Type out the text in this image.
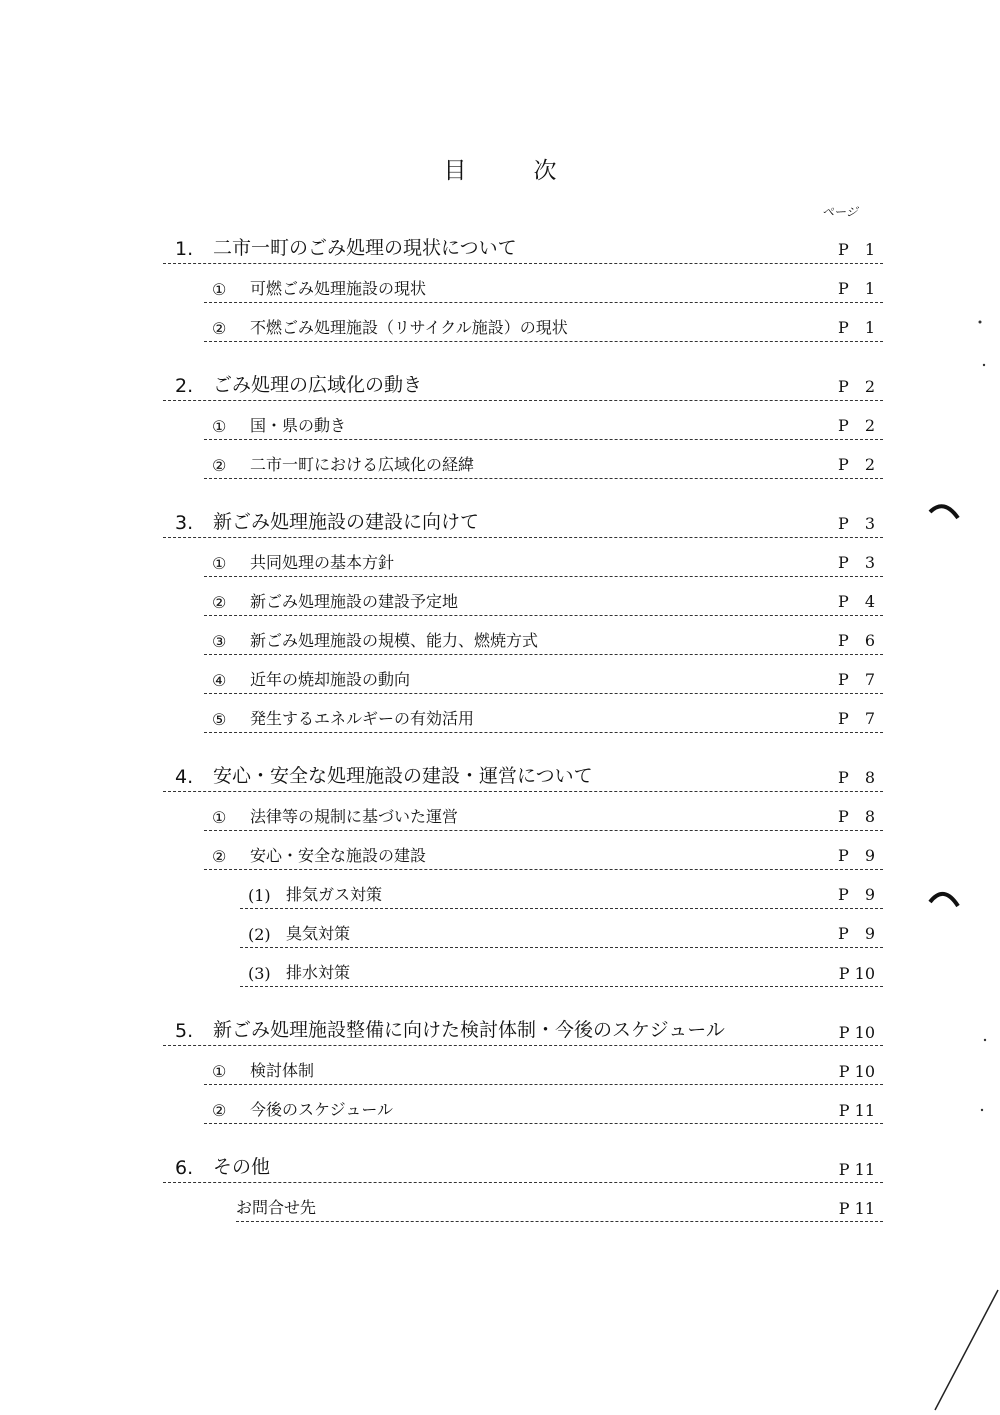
目　次
ページ
1.	二市一町のごみ処理の現状について	P　1
①	可燃ごみ処理施設の現状	P　1
②	不燃ごみ処理施設（リサイクル施設）の現状	P　1
2.	ごみ処理の広域化の動き	P　2
①	国・県の動き	P　2
②	二市一町における広域化の経緯	P　2
3.	新ごみ処理施設の建設に向けて	P　3
①	共同処理の基本方針	P　3
②	新ごみ処理施設の建設予定地	P　4
③	新ごみ処理施設の規模、能力、燃焼方式	P　6
④	近年の焼却施設の動向	P　7
⑤	発生するエネルギーの有効活用	P　7
4.	安心・安全な処理施設の建設・運営について	P　8
①	法律等の規制に基づいた運営	P　8
②	安心・安全な施設の建設	P　9
(1) 排気ガス対策	P　9
(2) 臭気対策	P　9
(3) 排水対策	P 10
5.	新ごみ処理施設整備に向けた検討体制・今後のスケジュール	P 10
①	検討体制	P 10
②	今後のスケジュール	P 11
6.	その他	P 11
お問合せ先	P 11
